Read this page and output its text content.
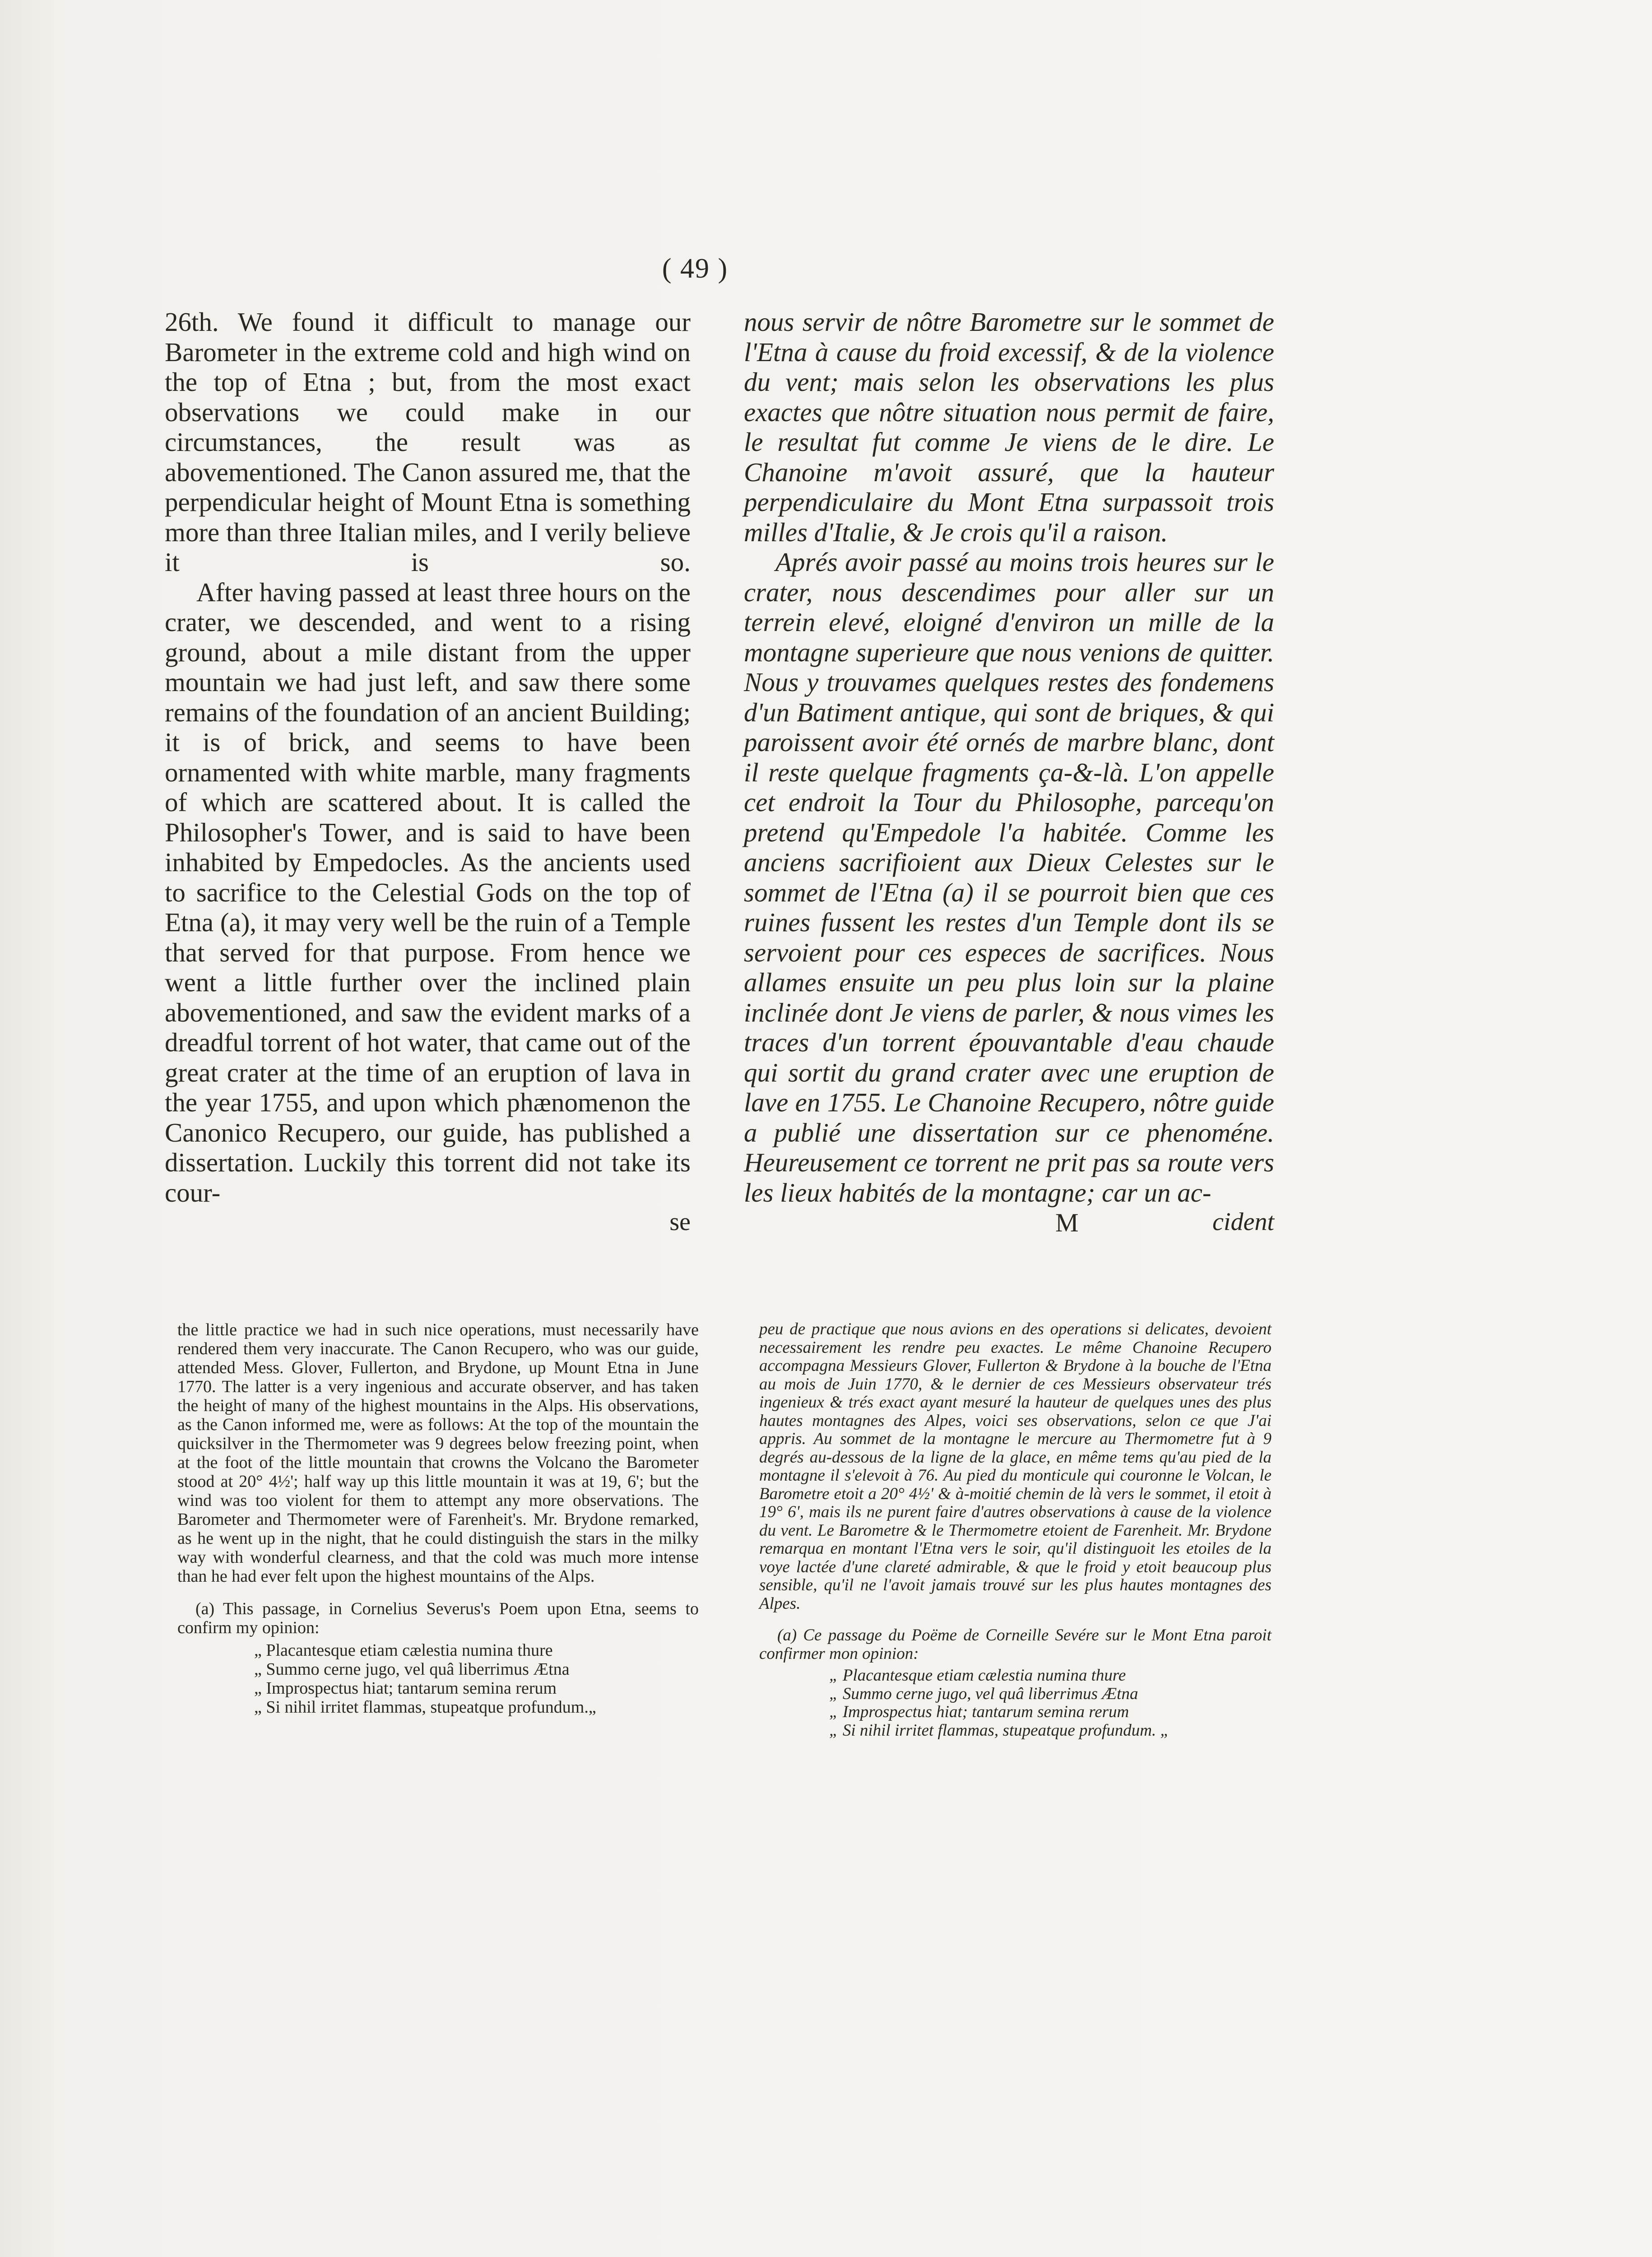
( 49 )

26th. We found it difficult to manage our Barometer in the extreme cold and high wind on the top of Etna ; but, from the most exact observations we could make in our circumstances, the result was as abovementioned. The Canon assured me, that the perpendicular height of Mount Etna is something more than three Italian miles, and I verily believe it is so.

After having passed at least three hours on the crater, we descended, and went to a rising ground, about a mile distant from the upper mountain we had just left, and saw there some remains of the foundation of an ancient Building; it is of brick, and seems to have been ornamented with white marble, many fragments of which are scattered about. It is called the Philosopher's Tower, and is said to have been inhabited by Empedocles. As the ancients used to sacrifice to the Celestial Gods on the top of Etna (a), it may very well be the ruin of a Temple that served for that purpose. From hence we went a little further over the inclined plain abovementioned, and saw the evident marks of a dreadful torrent of hot water, that came out of the great crater at the time of an eruption of lava in the year 1755, and upon which phænomenon the Canonico Recupero, our guide, has published a dissertation. Luckily this torrent did not take its cour-

se

nous servir de nôtre Barometre sur le sommet de l'Etna à cause du froid excessif, & de la violence du vent; mais selon les observations les plus exactes que nôtre situation nous permit de faire, le resultat fut comme Je viens de le dire. Le Chanoine m'avoit assuré, que la hauteur perpendiculaire du Mont Etna surpassoit trois milles d'Italie, & Je crois qu'il a raison.

Aprés avoir passé au moins trois heures sur le crater, nous descendimes pour aller sur un terrein elevé, eloigné d'environ un mille de la montagne superieure que nous venions de quitter. Nous y trouvames quelques restes des fondemens d'un Batiment antique, qui sont de briques, & qui paroissent avoir été ornés de marbre blanc, dont il reste quelque fragments ça-&-là. L'on appelle cet endroit la Tour du Philosophe, parcequ'on pretend qu'Empedole l'a habitée. Comme les anciens sacrifioient aux Dieux Celestes sur le sommet de l'Etna (a) il se pourroit bien que ces ruines fussent les restes d'un Temple dont ils se servoient pour ces especes de sacrifices. Nous allames ensuite un peu plus loin sur la plaine inclinée dont Je viens de parler, & nous vimes les traces d'un torrent épouvantable d'eau chaude qui sortit du grand crater avec une eruption de lave en 1755. Le Chanoine Recupero, nôtre guide a publié une dissertation sur ce phenoméne. Heureusement ce torrent ne prit pas sa route vers les lieux habités de la montagne; car un ac-

M	cident

the little practice we had in such nice operations, must necessarily have rendered them very inaccurate. The Canon Recupero, who was our guide, attended Mess. Glover, Fullerton, and Brydone, up Mount Etna in June 1770. The latter is a very ingenious and accurate observer, and has taken the height of many of the highest mountains in the Alps. His observations, as the Canon informed me, were as follows: At the top of the mountain the quicksilver in the Thermometer was 9 degrees below freezing point, when at the foot of the little mountain that crowns the Volcano the Barometer stood at 20° 4½'; half way up this little mountain it was at 19, 6'; but the wind was too violent for them to attempt any more observations. The Barometer and Thermometer were of Farenheit's. Mr. Brydone remarked, as he went up in the night, that he could distinguish the stars in the milky way with wonderful clearness, and that the cold was much more intense than he had ever felt upon the highest mountains of the Alps.

(a) This passage, in Cornelius Severus's Poem upon Etna, seems to confirm my opinion:

„ Placantesque etiam cælestia numina thure
„ Summo cerne jugo, vel quâ liberrimus Ætna
„ Improspectus hiat; tantarum semina rerum
„ Si nihil irritet flammas, stupeatque profundum.„

peu de practique que nous avions en des operations si delicates, devoient necessairement les rendre peu exactes. Le même Chanoine Recupero accompagna Messieurs Glover, Fullerton & Brydone à la bouche de l'Etna au mois de Juin 1770, & le dernier de ces Messieurs observateur trés ingenieux & trés exact ayant mesuré la hauteur de quelques unes des plus hautes montagnes des Alpes, voici ses observations, selon ce que J'ai appris. Au sommet de la montagne le mercure au Thermometre fut à 9 degrés au-dessous de la ligne de la glace, en même tems qu'au pied de la montagne il s'elevoit à 76. Au pied du monticule qui couronne le Volcan, le Barometre etoit a 20° 4½' & à-moitié chemin de là vers le sommet, il etoit à 19° 6', mais ils ne purent faire d'autres observations à cause de la violence du vent. Le Barometre & le Thermometre etoient de Farenheit. Mr. Brydone remarqua en montant l'Etna vers le soir, qu'il distinguoit les etoiles de la voye lactée d'une clareté admirable, & que le froid y etoit beaucoup plus sensible, qu'il ne l'avoit jamais trouvé sur les plus hautes montagnes des Alpes.

(a) Ce passage du Poëme de Corneille Sevére sur le Mont Etna paroit confirmer mon opinion:

„ Placantesque etiam cælestia numina thure
„ Summo cerne jugo, vel quâ liberrimus Ætna
„ Improspectus hiat; tantarum semina rerum
„ Si nihil irritet flammas, stupeatque profundum. „
